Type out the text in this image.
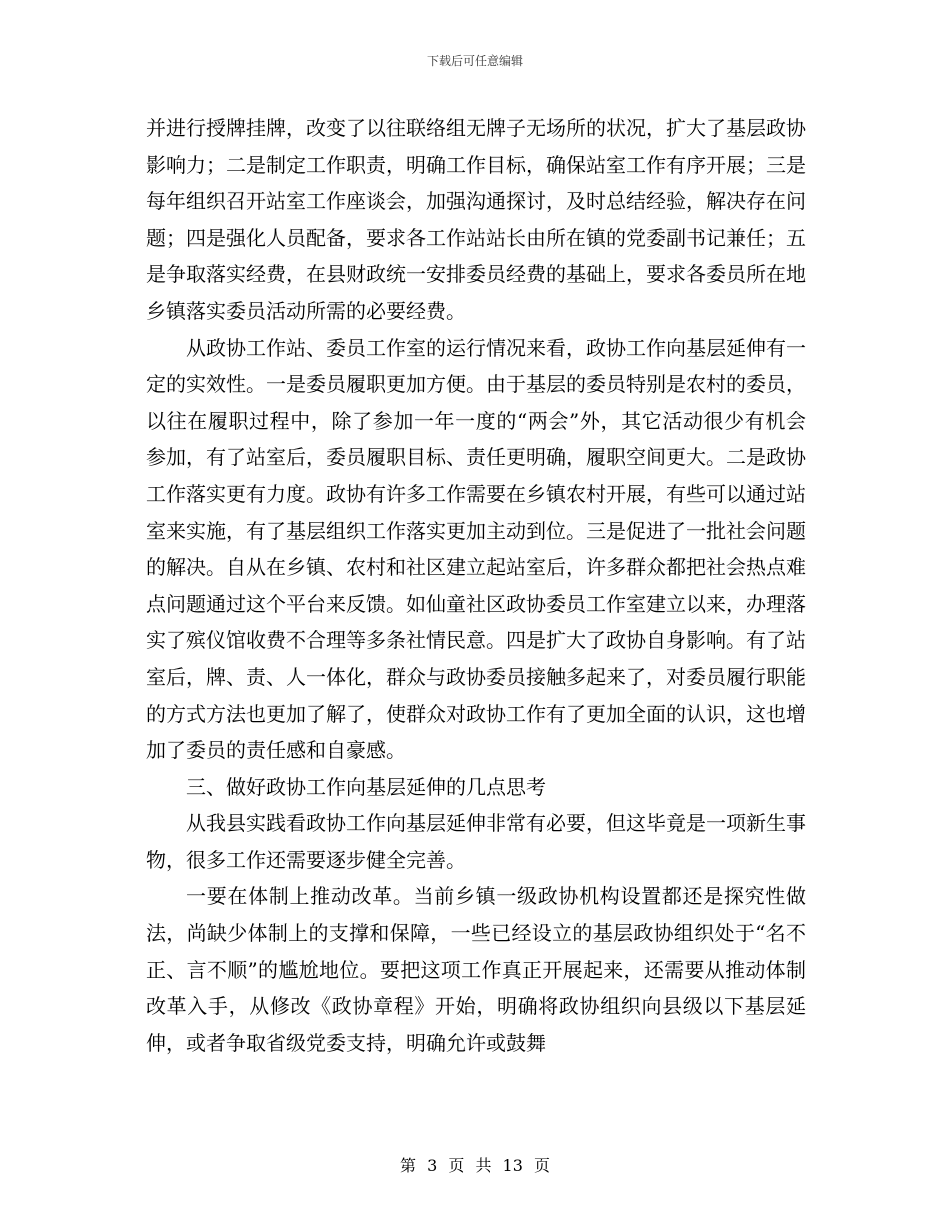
下载后可任意编辑

并进行授牌挂牌，改变了以往联络组无牌子无场所的状况，扩大了基层政协影响力；二是制定工作职责，明确工作目标，确保站室工作有序开展；三是每年组织召开站室工作座谈会，加强沟通探讨，及时总结经验，解决存在问题；四是强化人员配备，要求各工作站站长由所在镇的党委副书记兼任；五是争取落实经费，在县财政统一安排委员经费的基础上，要求各委员所在地乡镇落实委员活动所需的必要经费。

从政协工作站、委员工作室的运行情况来看，政协工作向基层延伸有一定的实效性。一是委员履职更加方便。由于基层的委员特别是农村的委员，以往在履职过程中，除了参加一年一度的“两会”外，其它活动很少有机会参加，有了站室后，委员履职目标、责任更明确，履职空间更大。二是政协工作落实更有力度。政协有许多工作需要在乡镇农村开展，有些可以通过站室来实施，有了基层组织工作落实更加主动到位。三是促进了一批社会问题的解决。自从在乡镇、农村和社区建立起站室后，许多群众都把社会热点难点问题通过这个平台来反馈。如仙童社区政协委员工作室建立以来，办理落实了殡仪馆收费不合理等多条社情民意。四是扩大了政协自身影响。有了站室后，牌、责、人一体化，群众与政协委员接触多起来了，对委员履行职能的方式方法也更加了解了，使群众对政协工作有了更加全面的认识，这也增加了委员的责任感和自豪感。

三、做好政协工作向基层延伸的几点思考

从我县实践看政协工作向基层延伸非常有必要，但这毕竟是一项新生事物，很多工作还需要逐步健全完善。

一要在体制上推动改革。当前乡镇一级政协机构设置都还是探究性做法，尚缺少体制上的支撑和保障，一些已经设立的基层政协组织处于“名不正、言不顺”的尴尬地位。要把这项工作真正开展起来，还需要从推动体制改革入手，从修改《政协章程》开始，明确将政协组织向县级以下基层延伸，或者争取省级党委支持，明确允许或鼓舞

第 3 页 共 13 页
